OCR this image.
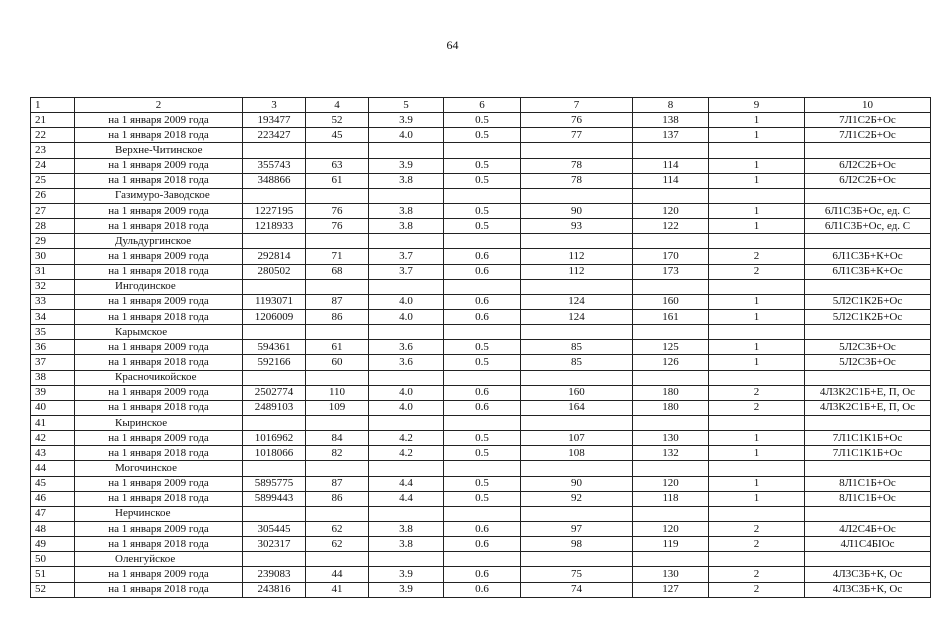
64
1	2	3	4	5	6	7	8	9	10
21	на 1 января 2009 года	193477	52	3.9	0.5	76	138	1	7Л1С2Б+Ос
22	на 1 января 2018 года	223427	45	4.0	0.5	77	137	1	7Л1С2Б+Ос
23	Верхне-Читинское								
24	на 1 января 2009 года	355743	63	3.9	0.5	78	114	1	6Л2С2Б+Ос
25	на 1 января 2018 года	348866	61	3.8	0.5	78	114	1	6Л2С2Б+Ос
26	Газимуро-Заводское								
27	на 1 января 2009 года	1227195	76	3.8	0.5	90	120	1	6Л1С3Б+Ос, ед. С
28	на 1 января 2018 года	1218933	76	3.8	0.5	93	122	1	6Л1С3Б+Ос, ед. С
29	Дульдургинское								
30	на 1 января 2009 года	292814	71	3.7	0.6	112	170	2	6Л1С3Б+К+Ос
31	на 1 января 2018 года	280502	68	3.7	0.6	112	173	2	6Л1С3Б+К+Ос
32	Ингодинское								
33	на 1 января 2009 года	1193071	87	4.0	0.6	124	160	1	5Л2С1К2Б+Ос
34	на 1 января 2018 года	1206009	86	4.0	0.6	124	161	1	5Л2С1К2Б+Ос
35	Карымское								
36	на 1 января 2009 года	594361	61	3.6	0.5	85	125	1	5Л2С3Б+Ос
37	на 1 января 2018 года	592166	60	3.6	0.5	85	126	1	5Л2С3Б+Ос
38	Красночикойское								
39	на 1 января 2009 года	2502774	110	4.0	0.6	160	180	2	4Л3К2С1Б+Е, П, Ос
40	на 1 января 2018 года	2489103	109	4.0	0.6	164	180	2	4Л3К2С1Б+Е, П, Ос
41	Кыринское								
42	на 1 января 2009 года	1016962	84	4.2	0.5	107	130	1	7Л1С1К1Б+Ос
43	на 1 января 2018 года	1018066	82	4.2	0.5	108	132	1	7Л1С1К1Б+Ос
44	Могочинское								
45	на 1 января 2009 года	5895775	87	4.4	0.5	90	120	1	8Л1С1Б+Ос
46	на 1 января 2018 года	5899443	86	4.4	0.5	92	118	1	8Л1С1Б+Ос
47	Нерчинское								
48	на 1 января 2009 года	305445	62	3.8	0.6	97	120	2	4Л2С4Б+Ос
49	на 1 января 2018 года	302317	62	3.8	0.6	98	119	2	4Л1С4БIОс
50	Оленгуйское								
51	на 1 января 2009 года	239083	44	3.9	0.6	75	130	2	4Л3С3Б+К, Ос
52	на 1 января 2018 года	243816	41	3.9	0.6	74	127	2	4Л3С3Б+К, Ос
